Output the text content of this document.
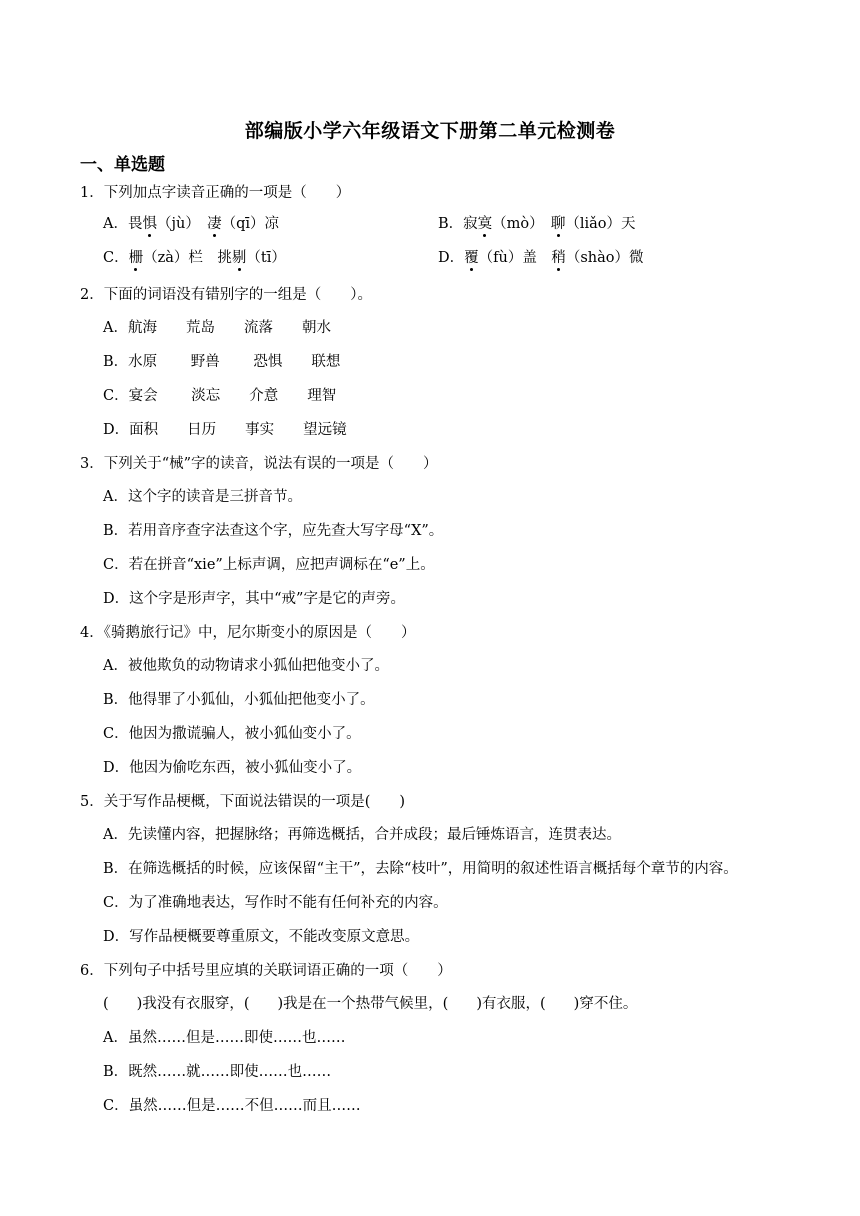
部编版小学六年级语文下册第二单元检测卷
一、单选题
1．下列加点字读音正确的一项是（　　）
A．畏惧（jù）　凄（qī）凉	B．寂寞（mò）　聊（liǎo）天
C．栅（zà）栏　挑剔（tī）	D．覆（fù）盖　稍（shào）微
2．下面的词语没有错别字的一组是（　　）。
A．航海　　荒岛　　流落　　朝水
B．水原　　 野兽　　 恐惧　　联想
C．宴会　　 淡忘　　介意　　理智
D．面积　　日历　　事实　　望远镜
3．下列关于“械”字的读音，说法有误的一项是（　　）
A．这个字的读音是三拼音节。
B．若用音序查字法查这个字，应先查大写字母“X”。
C．若在拼音“xie”上标声调，应把声调标在“e”上。
D．这个字是形声字，其中“戒”字是它的声旁。
4．《骑鹅旅行记》中，尼尔斯变小的原因是（　　）
A．被他欺负的动物请求小狐仙把他变小了。
B．他得罪了小狐仙，小狐仙把他变小了。
C．他因为撒谎骗人，被小狐仙变小了。
D．他因为偷吃东西，被小狐仙变小了。
5．关于写作品梗概，下面说法错误的一项是(　　)
A．先读懂内容，把握脉络；再筛选概括，合并成段；最后锤炼语言，连贯表达。
B．在筛选概括的时候，应该保留“主干”，去除“枝叶”，用简明的叙述性语言概括每个章节的内容。
C．为了准确地表达，写作时不能有任何补充的内容。
D．写作品梗概要尊重原文，不能改变原文意思。
6．下列句子中括号里应填的关联词语正确的一项（　　）
( )我没有衣服穿，( )我是在一个热带气候里，( )有衣服，( )穿不住。
A．虽然……但是……即使……也……
B．既然……就……即使……也……
C．虽然……但是……不但……而且……
